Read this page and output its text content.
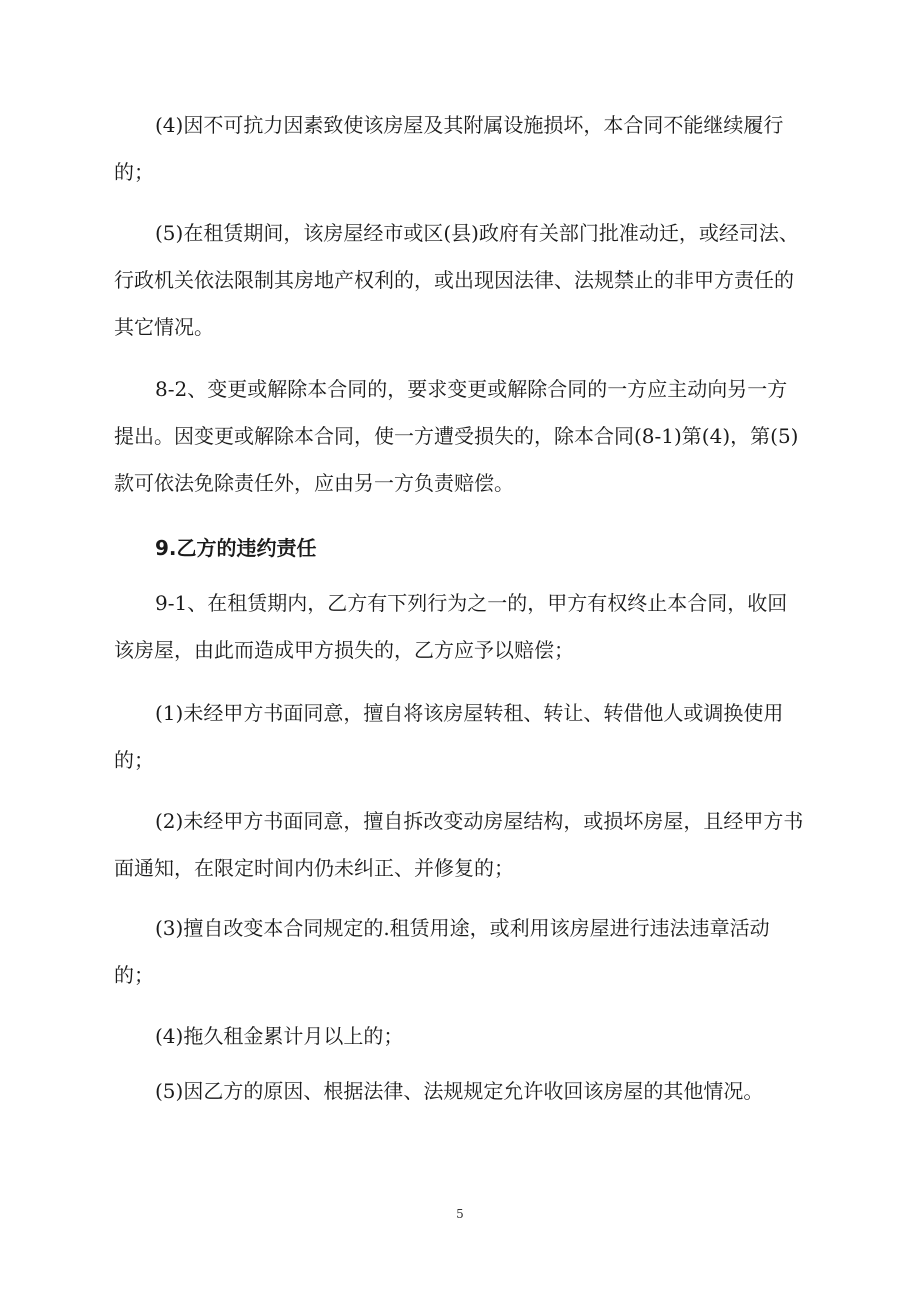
(4)因不可抗力因素致使该房屋及其附属设施损坏，本合同不能继续履行的；

(5)在租赁期间，该房屋经市或区(县)政府有关部门批准动迁，或经司法、行政机关依法限制其房地产权利的，或出现因法律、法规禁止的非甲方责任的其它情况。

8-2、变更或解除本合同的，要求变更或解除合同的一方应主动向另一方提出。因变更或解除本合同，使一方遭受损失的，除本合同(8-1)第(4)，第(5)款可依法免除责任外，应由另一方负责赔偿。

9.乙方的违约责任

9-1、在租赁期内，乙方有下列行为之一的，甲方有权终止本合同，收回该房屋，由此而造成甲方损失的，乙方应予以赔偿；

(1)未经甲方书面同意，擅自将该房屋转租、转让、转借他人或调换使用的；

(2)未经甲方书面同意，擅自拆改变动房屋结构，或损坏房屋，且经甲方书面通知，在限定时间内仍未纠正、并修复的；

(3)擅自改变本合同规定的.租赁用途，或利用该房屋进行违法违章活动的；

(4)拖久租金累计月以上的；

(5)因乙方的原因、根据法律、法规规定允许收回该房屋的其他情况。

5
